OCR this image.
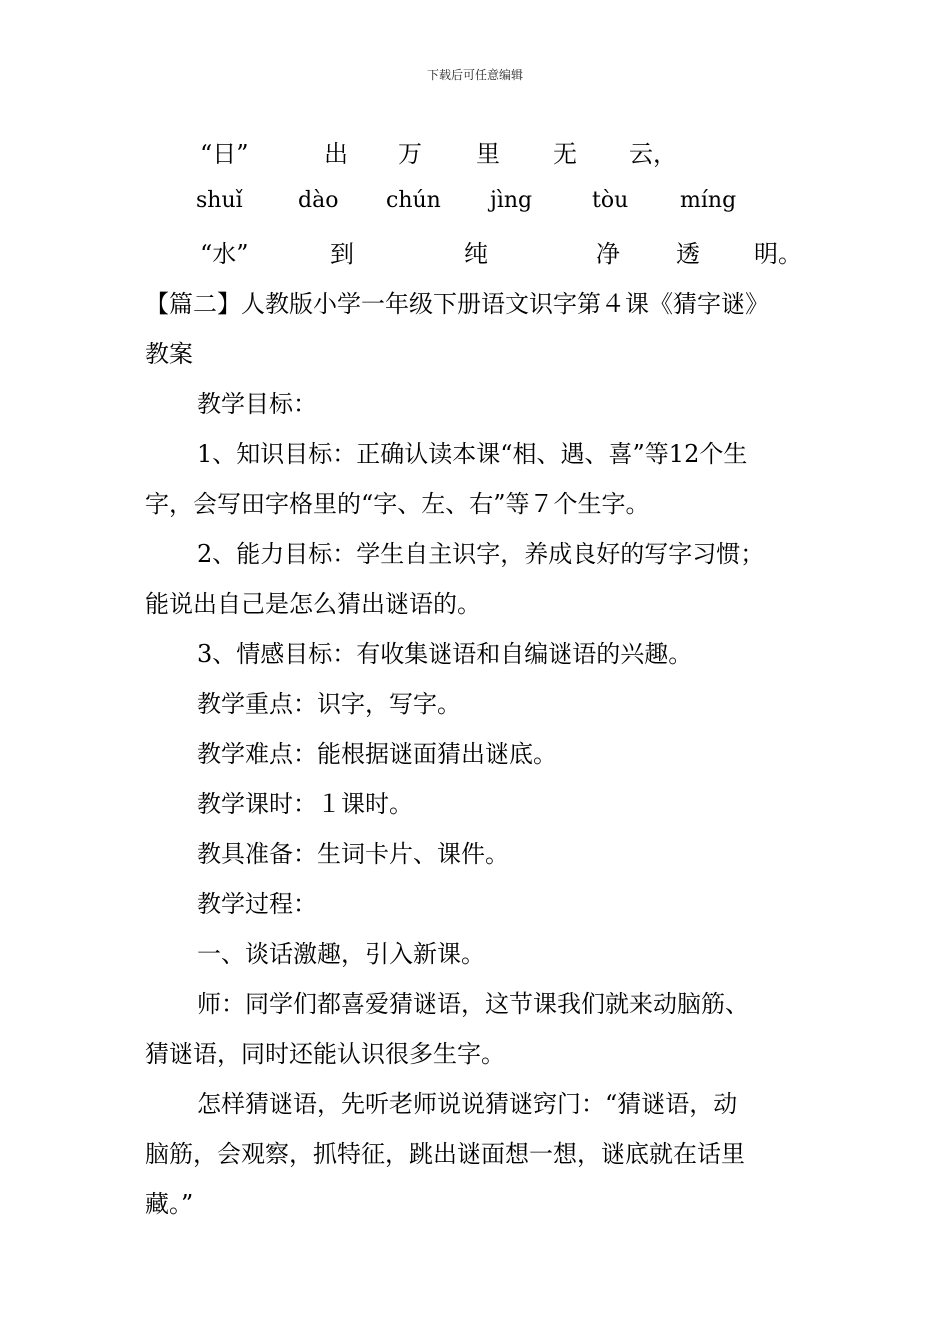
下载后可任意编辑
“日”	出 万 里 无 云，
shuǐ	dào chún jìng	tòu míng
“水”	到	纯	净 透 明。
【篇二】人教版小学一年级下册语文识字第４课《猜字谜》
教案
教学目标：
1、知识目标：正确认读本课“相、遇、喜”等12个生
字，会写田字格里的“字、左、右”等７个生字。
2、能力目标：学生自主识字，养成良好的写字习惯；
能说出自己是怎么猜出谜语的。
3、情感目标：有收集谜语和自编谜语的兴趣。
教学重点：识字，写字。
教学难点：能根据谜面猜出谜底。
教学课时：１课时。
教具准备：生词卡片、课件。
教学过程：
一、谈话激趣，引入新课。
师：同学们都喜爱猜谜语，这节课我们就来动脑筋、
猜谜语，同时还能认识很多生字。
怎样猜谜语，先听老师说说猜谜窍门：“猜谜语，动
脑筋，会观察，抓特征，跳出谜面想一想，谜底就在话里
藏。”
